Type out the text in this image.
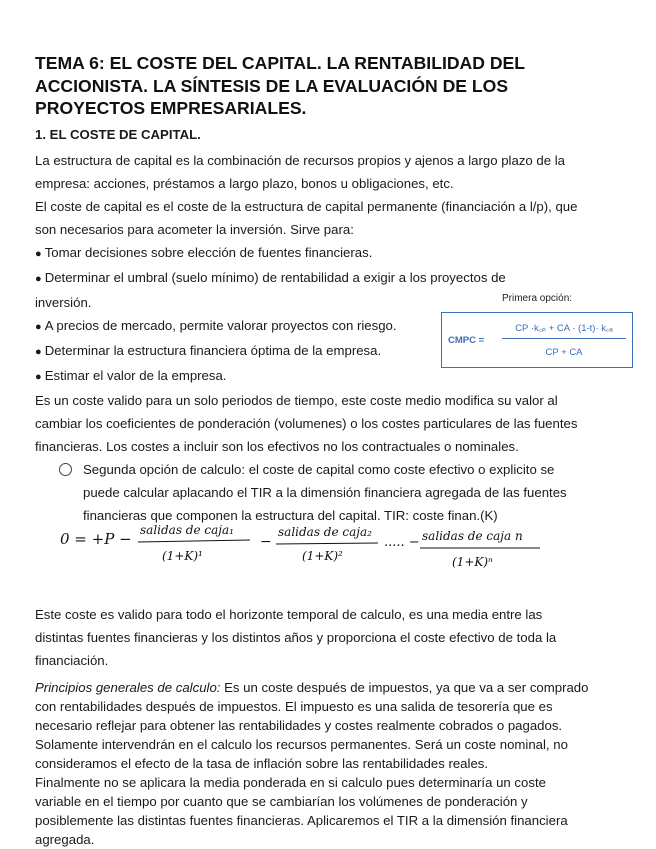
TEMA 6: EL COSTE DEL CAPITAL. LA RENTABILIDAD DEL
ACCIONISTA. LA SÍNTESIS DE LA EVALUACIÓN DE LOS
PROYECTOS EMPRESARIALES.
1. EL COSTE DE CAPITAL.

La estructura de capital es la combinación de recursos propios y ajenos a largo plazo de la

empresa: acciones, préstamos a largo plazo, bonos u obligaciones, etc.

El coste de capital es el coste de la estructura de capital permanente (financiación a l/p), que

son necesarios para acometer la inversión. Sirve para:

● Tomar decisiones sobre elección de fuentes financieras.

● Determinar el umbral (suelo mínimo) de rentabilidad a exigir a los proyectos de

inversión.

● A precios de mercado, permite valorar proyectos con riesgo.

● Determinar la estructura financiera óptima de la empresa.

● Estimar el valor de la empresa.

Es un coste valido para un solo periodos de tiempo, este coste medio modifica su valor al

cambiar los coeficientes de ponderación (volumenes) o los costes particulares de las fuentes

financieras. Los costes a incluir son los efectivos no los contractuales o nominales.

Segunda opción de calculo: el coste de capital como coste efectivo o explicito se
puede calcular aplacando el TIR a la dimensión financiera agregada de las fuentes
financieras que componen la estructura del capital. TIR: coste finan.(K)

Este coste es valido para todo el horizonte temporal de calculo, es una media entre las

distintas fuentes financieras y los distintos años y proporciona el coste efectivo de toda la

financiación.

Principios generales de calculo: Es un coste después de impuestos, ya que va a ser comprado

con rentabilidades después de impuestos. El impuesto es una salida de tesorería que es

necesario reflejar para obtener las rentabilidades y costes realmente cobrados o pagados.

Solamente intervendrán en el calculo los recursos permanentes. Será un coste nominal, no

consideramos el efecto de la tasa de inflación sobre las rentabilidades reales.

Finalmente no se aplicara la media ponderada en si calculo pues determinaría un coste

variable en el tiempo por cuanto que se cambiarían los volúmenes de ponderación y

posiblemente las distintas fuentes financieras. Aplicaremos el TIR a la dimensión financiera

agregada.

Primera opción:
CMPC =
CP ·k꜀ₚ + CA · (1-t)· k꜀ₐ
CP + CA
0 = +P − salidas de caja₁
(1+K)¹
−
salidas de caja₂
(1+K)²
..... − salidas de caja n
(1+K)ⁿ
